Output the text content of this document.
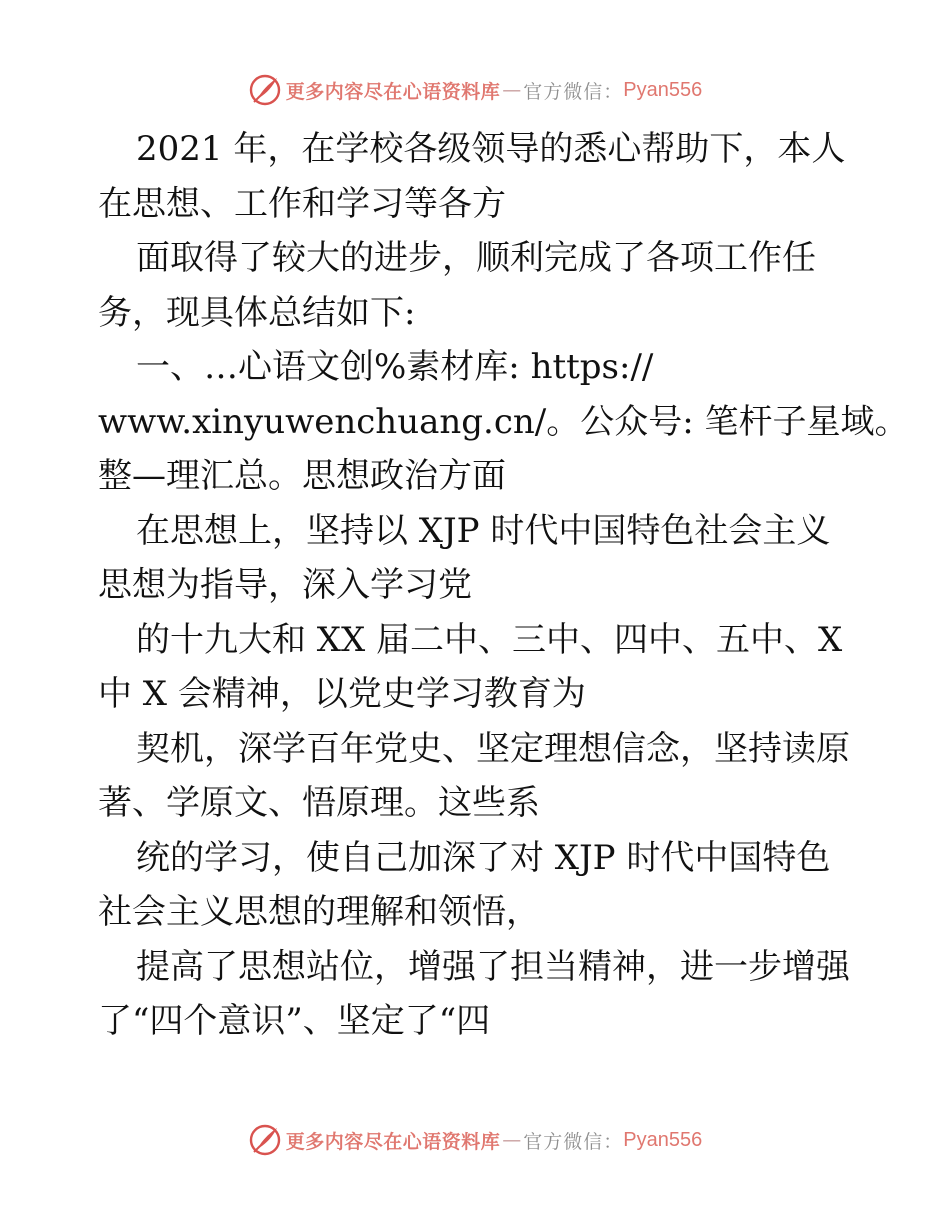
更多内容尽在心语资料库 — 官方微信： Pyan556
2021 年，在学校各级领导的悉心帮助下，本人
在思想、工作和学习等各方
面取得了较大的进步，顺利完成了各项工作任
务，现具体总结如下:
一、…心语文创%素材库: https://
www.xinyuwenchuang.cn/。公众号: 笔杆子星域。
整—理汇总。思想政治方面
在思想上，坚持以 XJP 时代中国特色社会主义
思想为指导，深入学习党
的十九大和 XX 届二中、三中、四中、五中、X
中 X 会精神，以党史学习教育为
契机，深学百年党史、坚定理想信念，坚持读原
著、学原文、悟原理。这些系
统的学习，使自己加深了对 XJP 时代中国特色
社会主义思想的理解和领悟，
提高了思想站位，增强了担当精神，进一步增强
了“四个意识”、坚定了“四
更多内容尽在心语资料库 — 官方微信： Pyan556
